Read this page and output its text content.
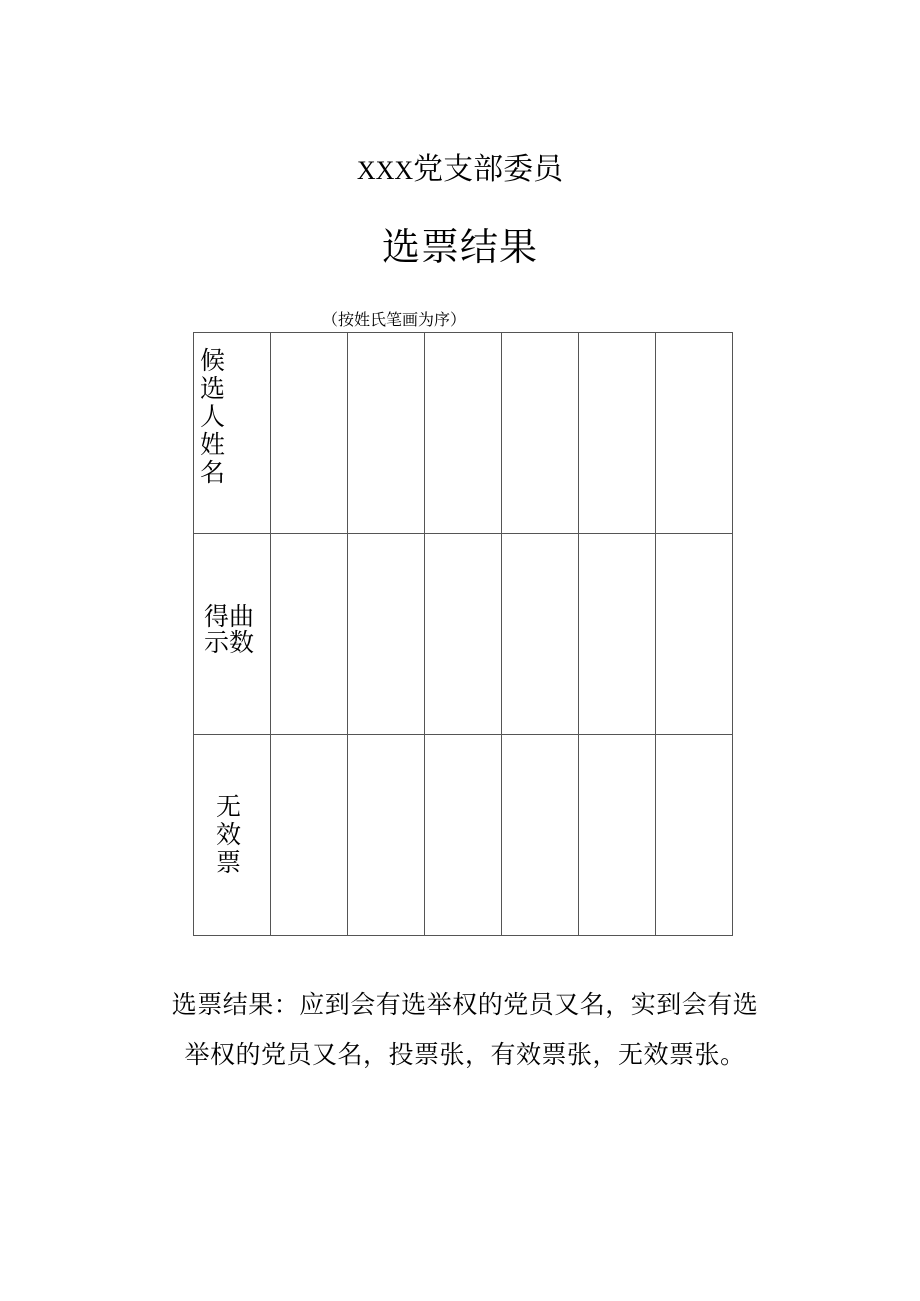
XXX党支部委员
选票结果
（按姓氏笔画为序）
候选人姓名						

得曲示数						

无效票						

选票结果：应到会有选举权的党员又名，实到会有选
举权的党员又名，投票张，有效票张，无效票张。
